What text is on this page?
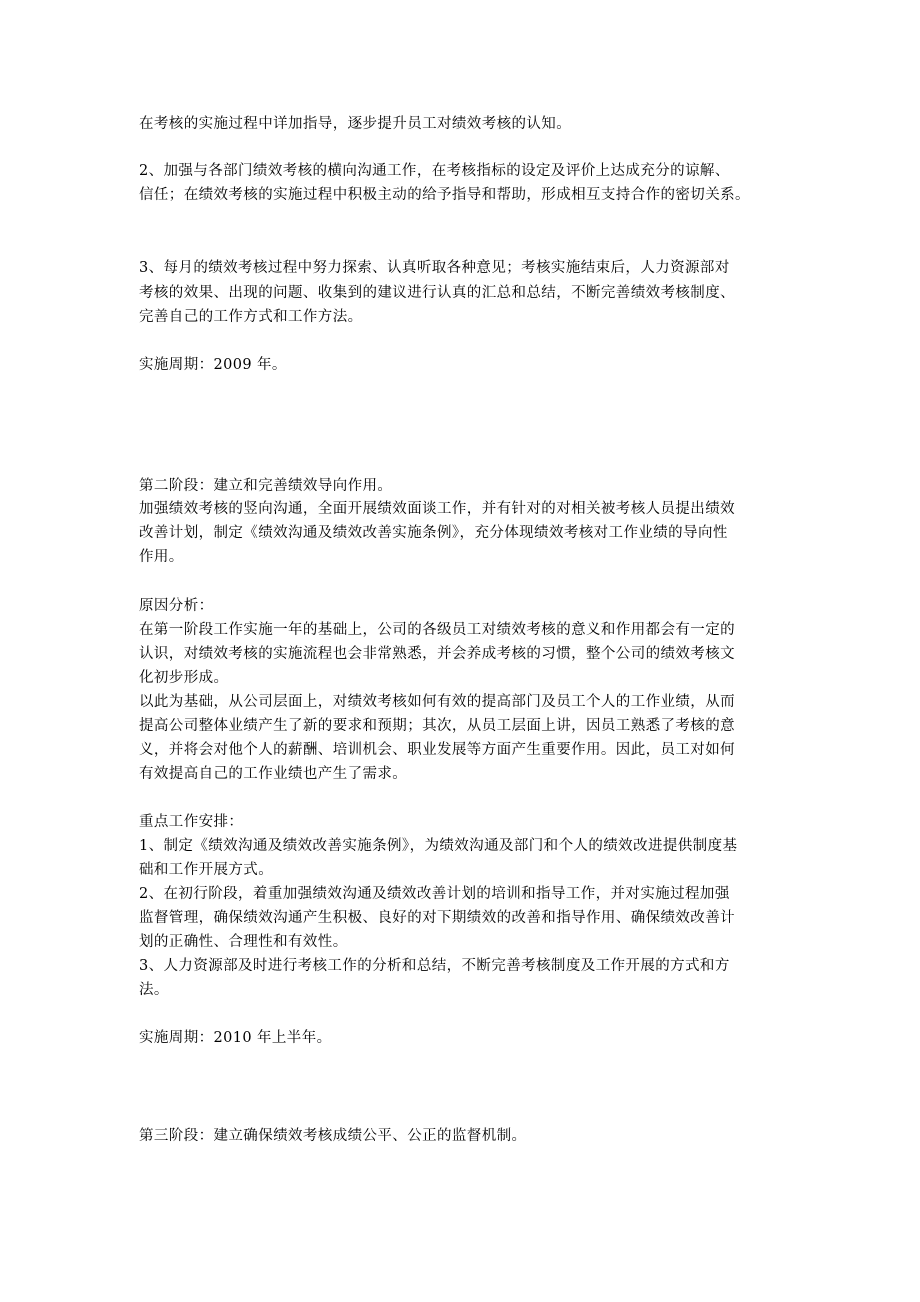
在考核的实施过程中详加指导，逐步提升员工对绩效考核的认知。
2、加强与各部门绩效考核的横向沟通工作，在考核指标的设定及评价上达成充分的谅解、
信任；在绩效考核的实施过程中积极主动的给予指导和帮助，形成相互支持合作的密切关系。
3、每月的绩效考核过程中努力探索、认真听取各种意见；考核实施结束后，人力资源部对
考核的效果、出现的问题、收集到的建议进行认真的汇总和总结，不断完善绩效考核制度、
完善自己的工作方式和工作方法。
实施周期：2009 年。
第二阶段：建立和完善绩效导向作用。
加强绩效考核的竖向沟通，全面开展绩效面谈工作，并有针对的对相关被考核人员提出绩效
改善计划，制定《绩效沟通及绩效改善实施条例》，充分体现绩效考核对工作业绩的导向性
作用。
原因分析：
在第一阶段工作实施一年的基础上，公司的各级员工对绩效考核的意义和作用都会有一定的
认识，对绩效考核的实施流程也会非常熟悉，并会养成考核的习惯，整个公司的绩效考核文
化初步形成。
以此为基础，从公司层面上，对绩效考核如何有效的提高部门及员工个人的工作业绩，从而
提高公司整体业绩产生了新的要求和预期；其次，从员工层面上讲，因员工熟悉了考核的意
义，并将会对他个人的薪酬、培训机会、职业发展等方面产生重要作用。因此，员工对如何
有效提高自己的工作业绩也产生了需求。
重点工作安排：
1、制定《绩效沟通及绩效改善实施条例》，为绩效沟通及部门和个人的绩效改进提供制度基
础和工作开展方式。
2、在初行阶段，着重加强绩效沟通及绩效改善计划的培训和指导工作，并对实施过程加强
监督管理，确保绩效沟通产生积极、良好的对下期绩效的改善和指导作用、确保绩效改善计
划的正确性、合理性和有效性。
3、人力资源部及时进行考核工作的分析和总结，不断完善考核制度及工作开展的方式和方
法。
实施周期：2010 年上半年。
第三阶段：建立确保绩效考核成绩公平、公正的监督机制。
